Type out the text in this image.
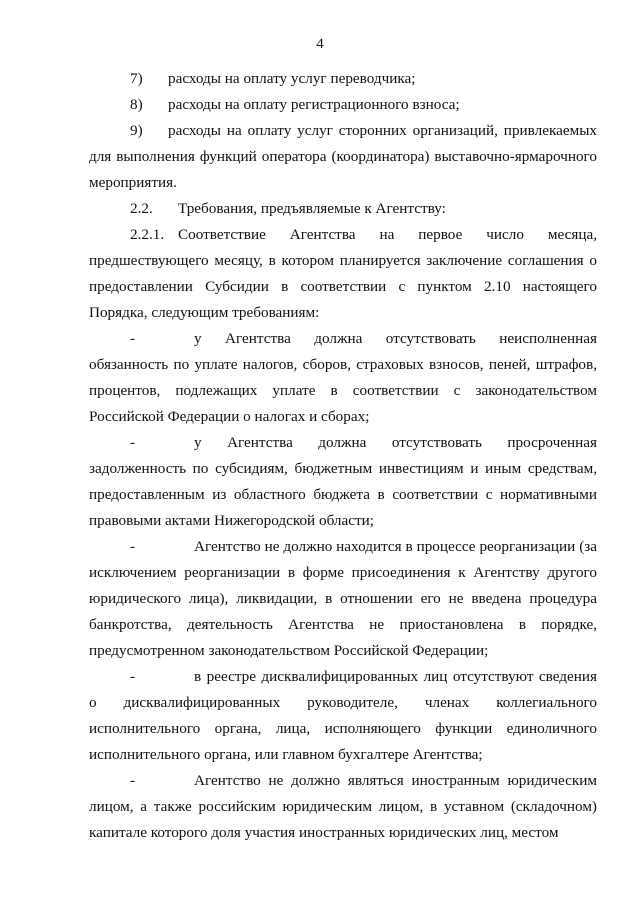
4

7) расходы на оплату услуг переводчика;

8) расходы на оплату регистрационного взноса;

9) расходы на оплату услуг сторонних организаций, привлекаемых для выполнения функций оператора (координатора) выставочно-ярмарочного мероприятия.

2.2. Требования, предъявляемые к Агентству:

2.2.1. Соответствие Агентства на первое число месяца, предшествующего месяцу, в котором планируется заключение соглашения о предоставлении Субсидии в соответствии с пунктом 2.10 настоящего Порядка, следующим требованиям:

-	у Агентства должна отсутствовать неисполненная обязанность по уплате налогов, сборов, страховых взносов, пеней, штрафов, процентов, подлежащих уплате в соответствии с законодательством Российской Федерации о налогах и сборах;

-	у Агентства должна отсутствовать просроченная задолженность по субсидиям, бюджетным инвестициям и иным средствам, предоставленным из областного бюджета в соответствии с нормативными правовыми актами Нижегородской области;

-	Агентство не должно находится в процессе реорганизации (за исключением реорганизации в форме присоединения к Агентству другого юридического лица), ликвидации, в отношении его не введена процедура банкротства, деятельность Агентства не приостановлена в порядке, предусмотренном законодательством Российской Федерации;

-	в реестре дисквалифицированных лиц отсутствуют сведения о дисквалифицированных руководителе, членах коллегиального исполнительного органа, лица, исполняющего функции единоличного исполнительного органа, или главном бухгалтере Агентства;

-	Агентство не должно являться иностранным юридическим лицом, а также российским юридическим лицом, в уставном (складочном) капитале которого доля участия иностранных юридических лиц, местом
